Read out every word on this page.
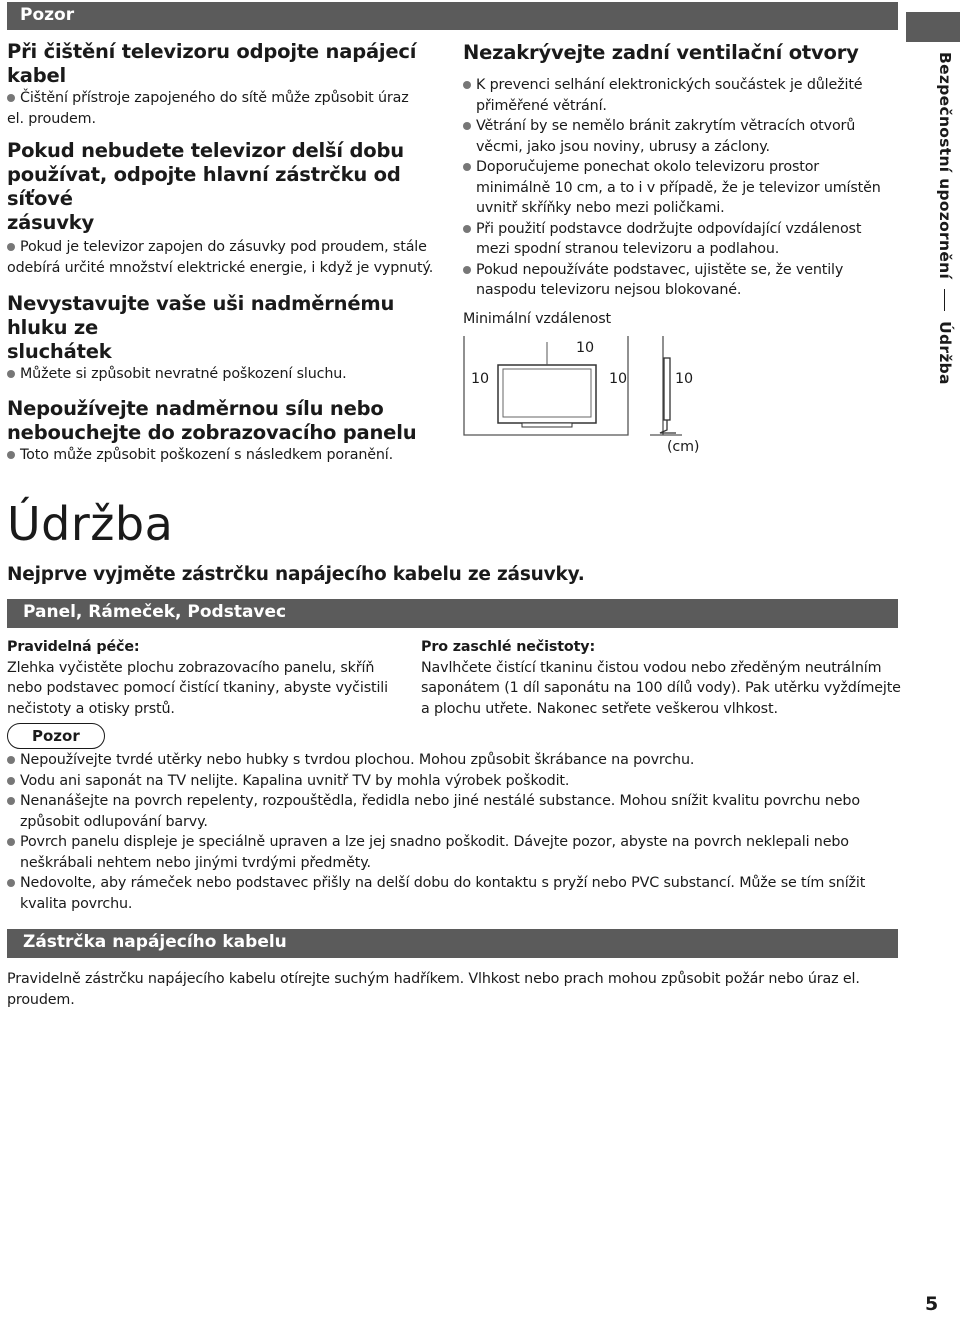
Pozor
Bezpečnostní upozorněníÚdržba
Při čištění televizoru odpojte napájecí kabel
Čištění přístroje zapojeného do sítě může způsobit úraz
el. proudem.
Pokud nebudete televizor delší dobu
používat, odpojte hlavní zástrčku od síťové
zásuvky
Pokud je televizor zapojen do zásuvky pod proudem, stále
odebírá určité množství elektrické energie, i když je vypnutý.
Nevystavujte vaše uši nadměrnému hluku ze
sluchátek
Můžete si způsobit nevratné poškození sluchu.
Nepoužívejte nadměrnou sílu nebo
nebouchejte do zobrazovacího panelu
Toto může způsobit poškození s následkem poranění.
Nezakrývejte zadní ventilační otvory
K prevenci selhání elektronických součástek je důležité
přiměřené větrání.
Větrání by se nemělo bránit zakrytím větracích otvorů
věcmi, jako jsou noviny, ubrusy a záclony.
Doporučujeme ponechat okolo televizoru prostor
minimálně 10 cm, a to i v případě, že je televizor umístěn
uvnitř skříňky nebo mezi poličkami.
Při použití podstavce dodržujte odpovídající vzdálenost
mezi spodní stranou televizoru a podlahou.
Pokud nepoužíváte podstavec, ujistěte se, že ventily
naspodu televizoru nejsou blokované.
Minimální vzdálenost
10
10	10	10
(cm)
Údržba
Nejprve vyjměte zástrčku napájecího kabelu ze zásuvky.
Panel, Rámeček, Podstavec
Pravidelná péče:
Zlehka vyčistěte plochu zobrazovacího panelu, skříň
nebo podstavec pomocí čistící tkaniny, abyste vyčistili
nečistoty a otisky prstů.
Pro zaschlé nečistoty:
Navlhčete čistící tkaninu čistou vodou nebo zředěným neutrálním
saponátem (1 díl saponátu na 100 dílů vody). Pak utěrku vyždímejte
a plochu utřete. Nakonec setřete veškerou vlhkost.
Pozor
Nepoužívejte tvrdé utěrky nebo hubky s tvrdou plochou. Mohou způsobit škrábance na povrchu.
Vodu ani saponát na TV nelijte. Kapalina uvnitř TV by mohla výrobek poškodit.
Nenanášejte na povrch repelenty, rozpouštědla, ředidla nebo jiné nestálé substance. Mohou snížit kvalitu povrchu nebo
způsobit odlupování barvy.
Povrch panelu displeje je speciálně upraven a lze jej snadno poškodit. Dávejte pozor, abyste na povrch neklepali nebo
neškrábali nehtem nebo jinými tvrdými předměty.
Nedovolte, aby rámeček nebo podstavec přišly na delší dobu do kontaktu s pryží nebo PVC substancí. Může se tím snížit
kvalita povrchu.
Zástrčka napájecího kabelu
Pravidelně zástrčku napájecího kabelu otírejte suchým hadříkem. Vlhkost nebo prach mohou způsobit požár nebo úraz el.
proudem.
5
